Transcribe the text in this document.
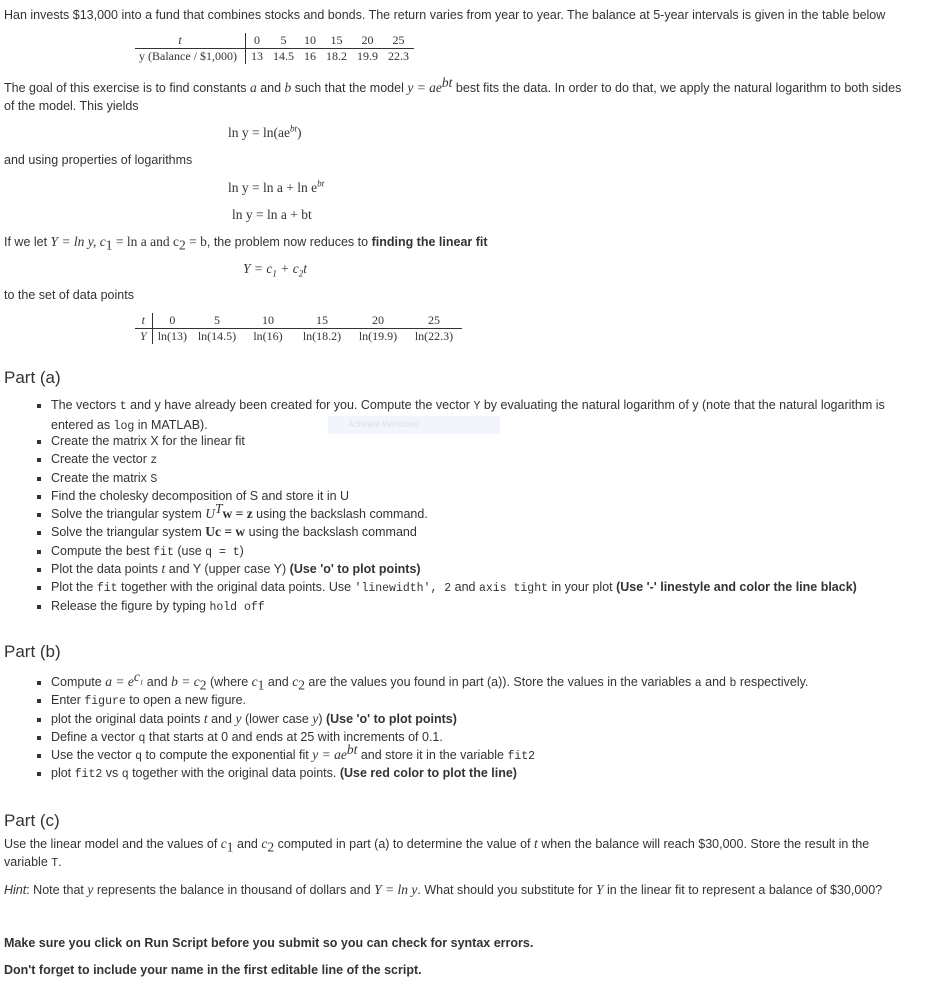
Han invests $13,000 into a fund that combines stocks and bonds. The return varies from year to year. The balance at 5-year intervals is given in the table below
t	0	5	10	15	20	25
y (Balance / $1,000)	13	14.5	16	18.2	19.9	22.3
The goal of this exercise is to find constants a and b such that the model $y = ae^{bt}$ best fits the data. In order to do that, we apply the natural logarithm to both sides
of the model. This yields
$\ln y = \ln(ae^{bt})$
and using properties of logarithms
$\ln y = \ln a + \ln e^{bt}$
ln y = ln a + bt
If we let Y = ln y, $c_1 = \ln a$ and $c_2 = b$, the problem now reduces to finding the linear fit
$Y = c_1 + c_2t$
to the set of data points
t	0	5	10	15	20	25
Y	ln(13)	ln(14.5)	ln(16)	ln(18.2)	ln(19.9)	ln(22.3)
Part (a)
Activate Windows
The vectors t and y have already been created for you. Compute the vector Y by evaluating the natural logarithm of y (note that the natural logarithm is
entered as log in MATLAB).
Create the matrix X for the linear fit
Create the vector z
Create the matrix S
Find the cholesky decomposition of S and store it in U
Solve the triangular system $U^Tw = z$ using the backslash command.
Solve the triangular system Uc = w using the backslash command
Compute the best fit (use q = t)
Plot the data points t and Y (upper case Y) (Use 'o' to plot points)
Plot the fit together with the original data points. Use 'linewidth', 2 and axis tight in your plot (Use '-' linestyle and color the line black)
Release the figure by typing hold off
Part (b)
Compute $a = e^{c_1}$ and $b = c_2$ (where $c_1$ and $c_2$ are the values you found in part (a)). Store the values in the variables a and b respectively.
Enter figure to open a new figure.
plot the original data points t and y (lower case y) (Use 'o' to plot points)
Define a vector q that starts at 0 and ends at 25 with increments of 0.1.
Use the vector q to compute the exponential fit $y = ae^{bt}$ and store it in the variable fit2
plot fit2 vs q together with the original data points. (Use red color to plot the line)
Part (c)
Use the linear model and the values of $c_1$ and $c_2$ computed in part (a) to determine the value of t when the balance will reach $30,000. Store the result in the
variable T.
Hint: Note that y represents the balance in thousand of dollars and Y = ln y. What should you substitute for Y in the linear fit to represent a balance of $30,000?
Make sure you click on Run Script before you submit so you can check for syntax errors.
Don't forget to include your name in the first editable line of the script.
